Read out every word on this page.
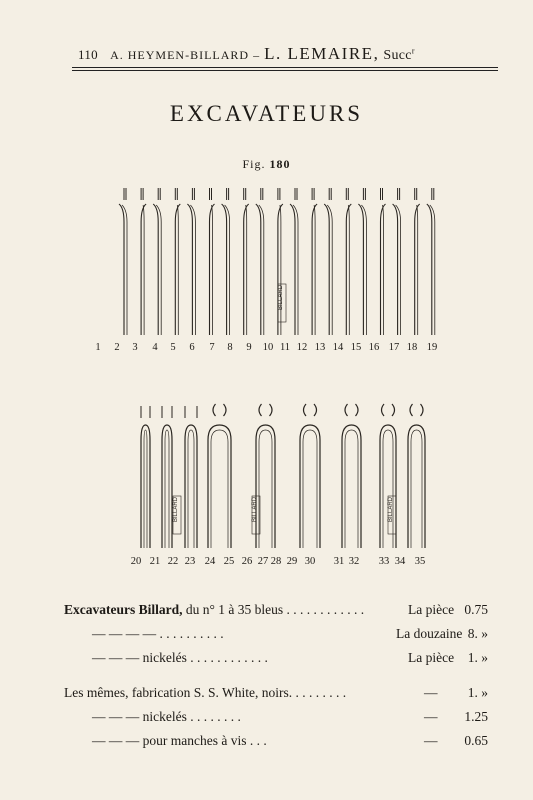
110 A. HEYMEN-BILLARD – L. LEMAIRE, Succ$^r$
EXCAVATEURS
Fig. 180
BILLARD
BILLARD	BILLARD	BILLARD
1 2 3 4 5 6 7 8 9 10 11 12 13 14 15 16 17 18 19
20 21 22 23 24 25 26 27 28 29 30 31 32 33 34 35
Excavateurs Billard, du n° 1 à 35 bleus . . . . . . . . . . . .	La pièce 0.75
— — — — . . . . . . . . . .	La douzaine 8. »
— — — nickelés . . . . . . . . . . . .	La pièce 1. »
Les mêmes, fabrication S. S. White, noirs. . . . . . . . .	— 1. »
— — — nickelés . . . . . . . .	— 1.25
— — — pour manches à vis . . .	— 0.65
